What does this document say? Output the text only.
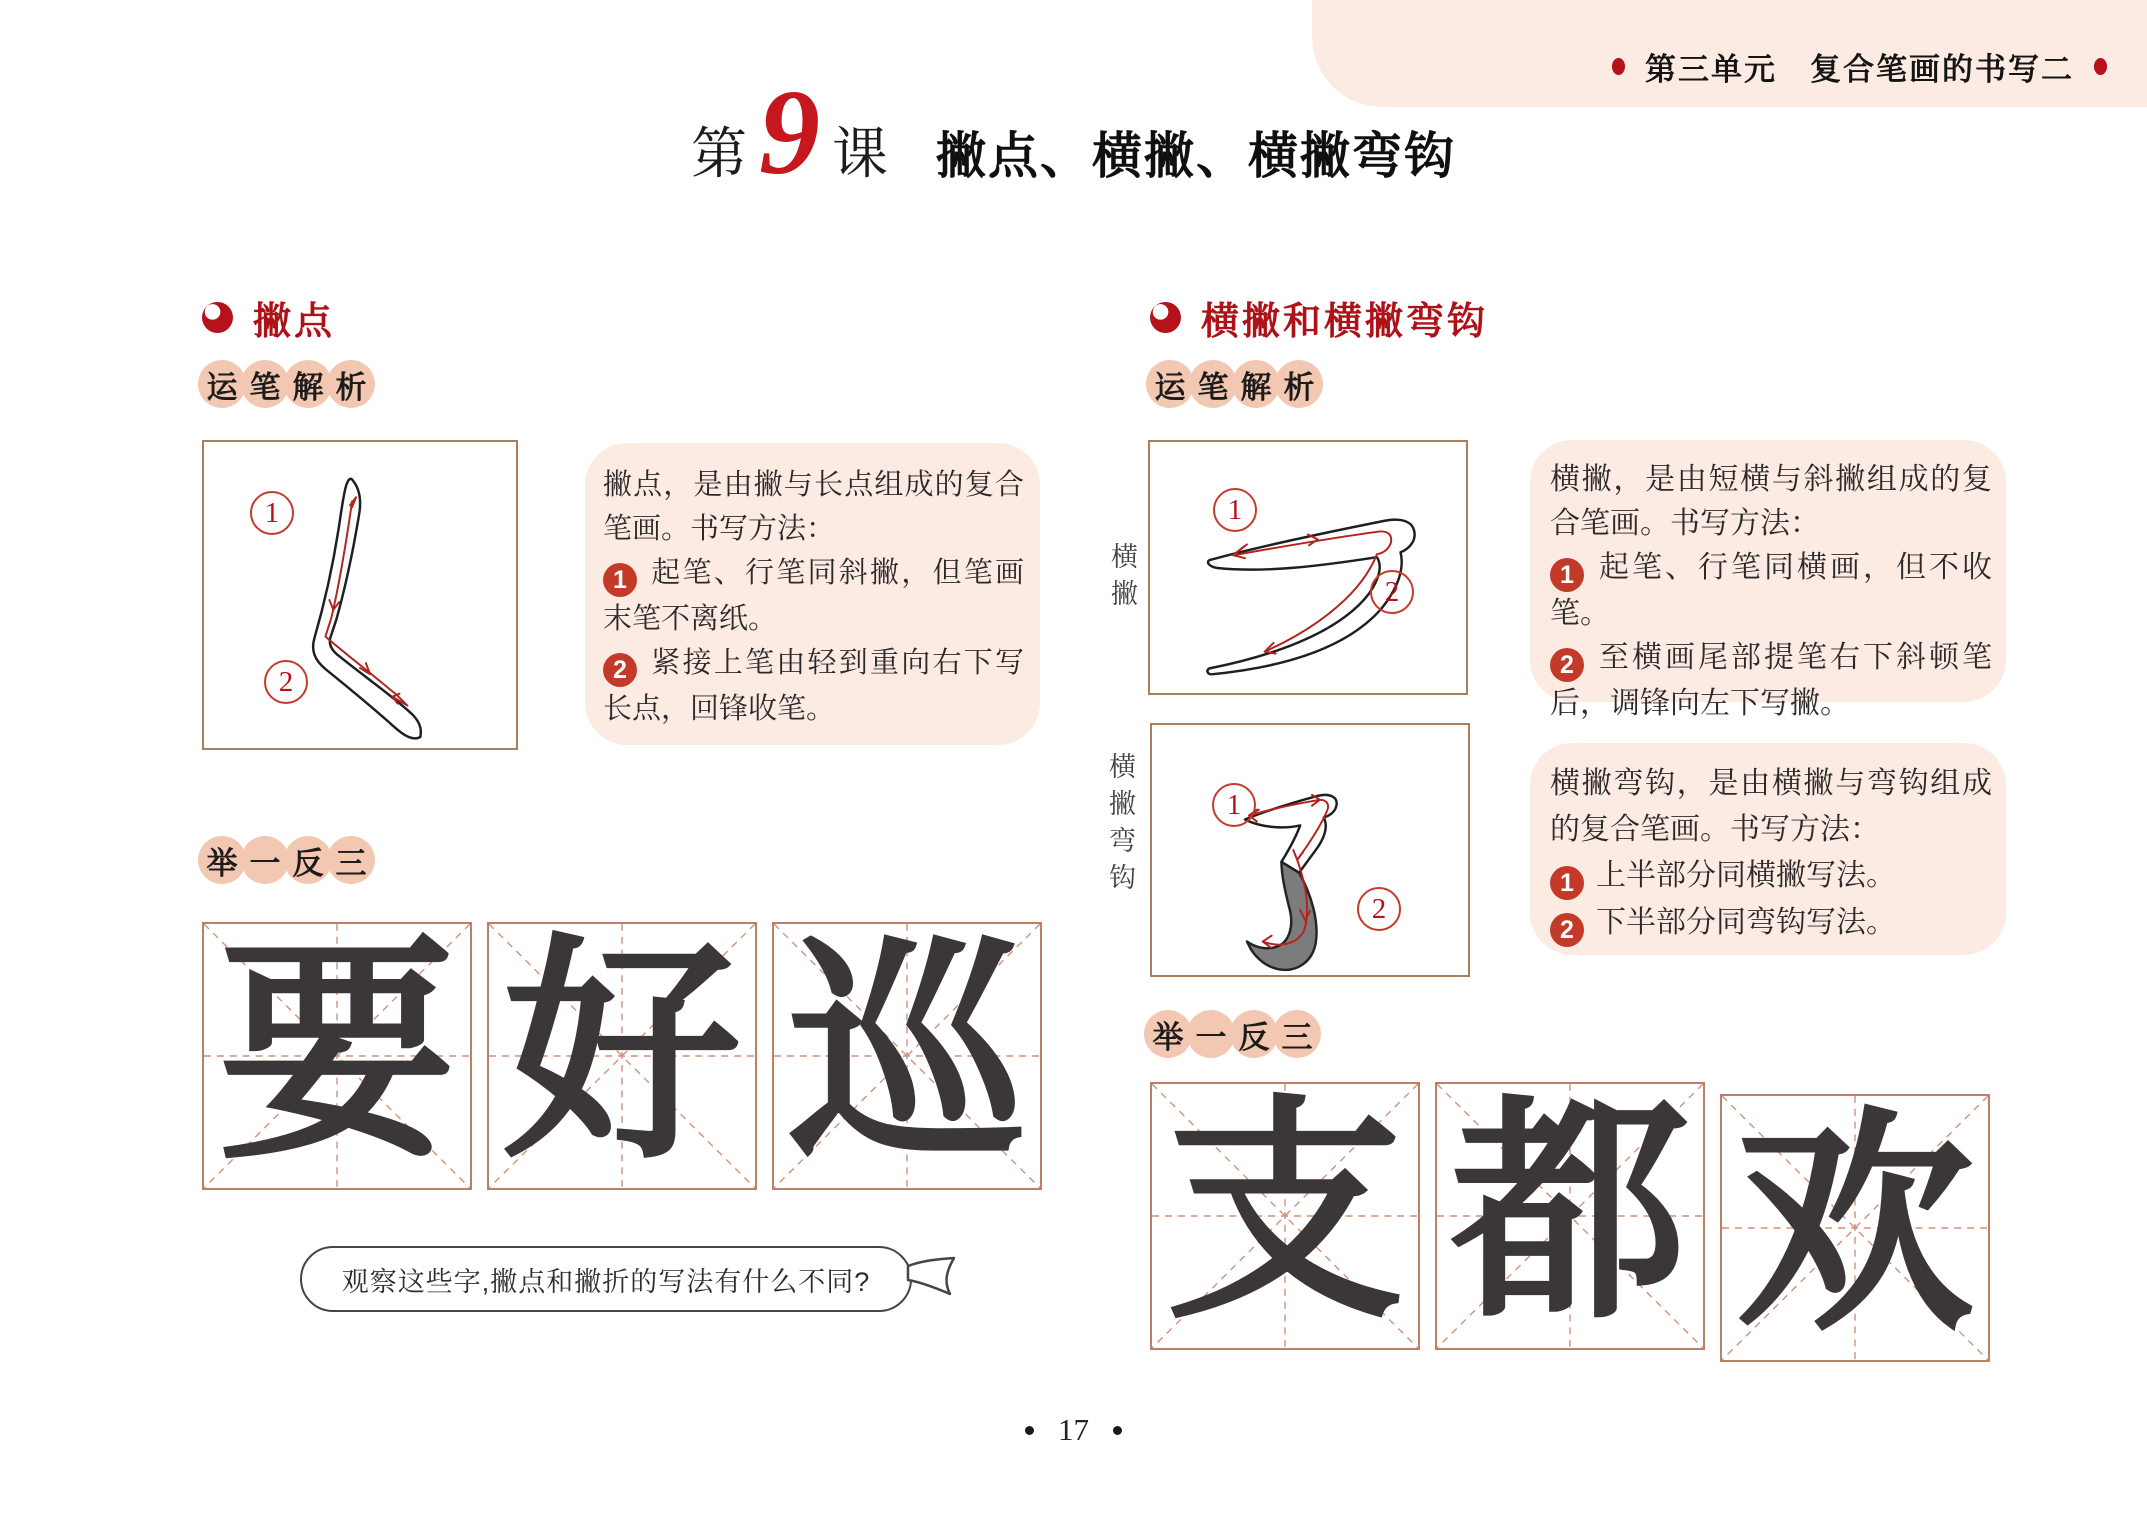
第三单元　复合笔画的书写二
第 9 课 撇点、横撇、横撇弯钩
撇点
运 笔 解 析
1
2

撇点，是由撇与长点组成的复合笔画。书写方法：

1 起笔、行笔同斜撇，但笔画末笔不离纸。

2 紧接上笔由轻到重向右下写长点，回锋收笔。

举 一 反 三
要 好 巡
观察这些字,撇点和撇折的写法有什么不同?
横撇和横撇弯钩
运 笔 解 析
横撇
1
2

横撇，是由短横与斜撇组成的复合笔画。书写方法：

1 起笔、行笔同横画，但不收笔。

2 至横画尾部提笔右下斜顿笔后，调锋向左下写撇。

横撇弯钩	1
2

横撇弯钩，是由横撇与弯钩组成的复合笔画。书写方法：

1 上半部分同横撇写法。

2 下半部分同弯钩写法。

举 一 反 三
支 都 欢
17
